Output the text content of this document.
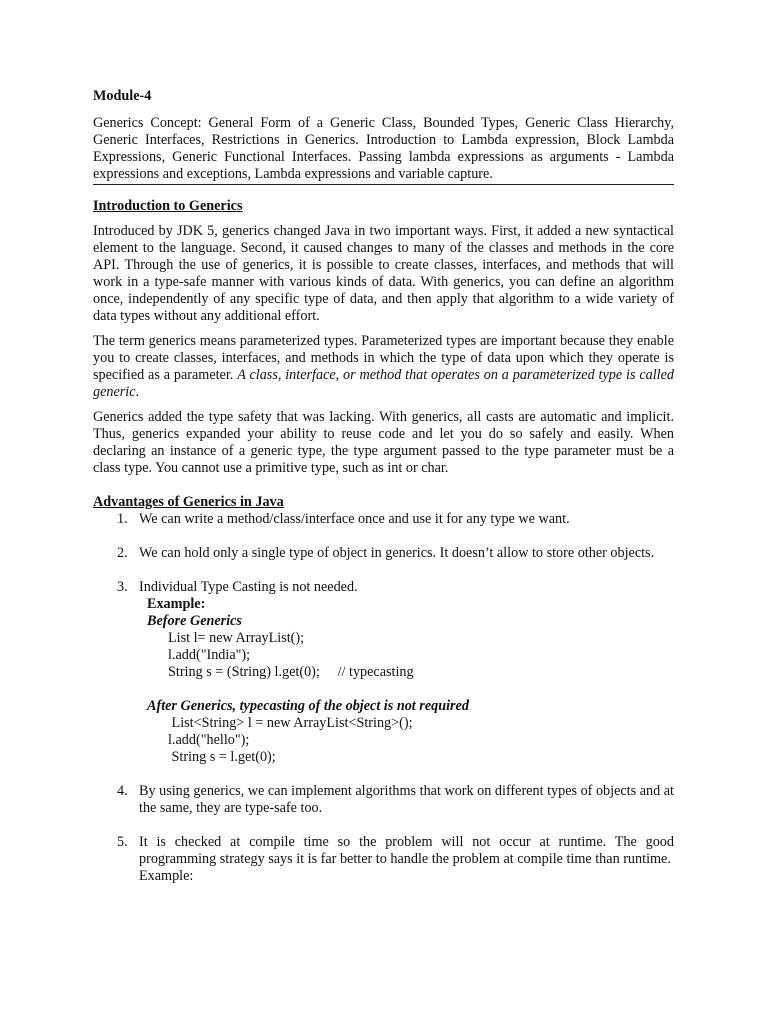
Module-4

Generics Concept: General Form of a Generic Class, Bounded Types, Generic Class Hierarchy, Generic Interfaces, Restrictions in Generics. Introduction to Lambda expression, Block Lambda Expressions, Generic Functional Interfaces. Passing lambda expressions as arguments - Lambda expressions and exceptions, Lambda expressions and variable capture.

Introduction to Generics

Introduced by JDK 5, generics changed Java in two important ways. First, it added a new syntactical element to the language. Second, it caused changes to many of the classes and methods in the core API. Through the use of generics, it is possible to create classes, interfaces, and methods that will work in a type-safe manner with various kinds of data. With generics, you can define an algorithm once, independently of any specific type of data, and then apply that algorithm to a wide variety of data types without any additional effort.

The term generics means parameterized types. Parameterized types are important because they enable you to create classes, interfaces, and methods in which the type of data upon which they operate is specified as a parameter. A class, interface, or method that operates on a parameterized type is called generic.

Generics added the type safety that was lacking. With generics, all casts are automatic and implicit. Thus, generics expanded your ability to reuse code and let you do so safely and easily. When declaring an instance of a generic type, the type argument passed to the type parameter must be a class type. You cannot use a primitive type, such as int or char.

Advantages of Generics in Java
1. We can write a method/class/interface once and use it for any type we want.

2. We can hold only a single type of object in generics. It doesn’t allow to store other objects.

3. Individual Type Casting is not needed.

Example:
Before Generics
List l= new ArrayList();
l.add("India");
String s = (String) l.get(0);     // typecasting
After Generics, typecasting of the object is not required
List<String> l = new ArrayList<String>();
l.add("hello");
String s = l.get(0);
4. By using generics, we can implement algorithms that work on different types of objects and at the same, they are type-safe too.

5. It is checked at compile time so the problem will not occur at runtime. The good programming strategy says it is far better to handle the problem at compile time than runtime.

Example:
